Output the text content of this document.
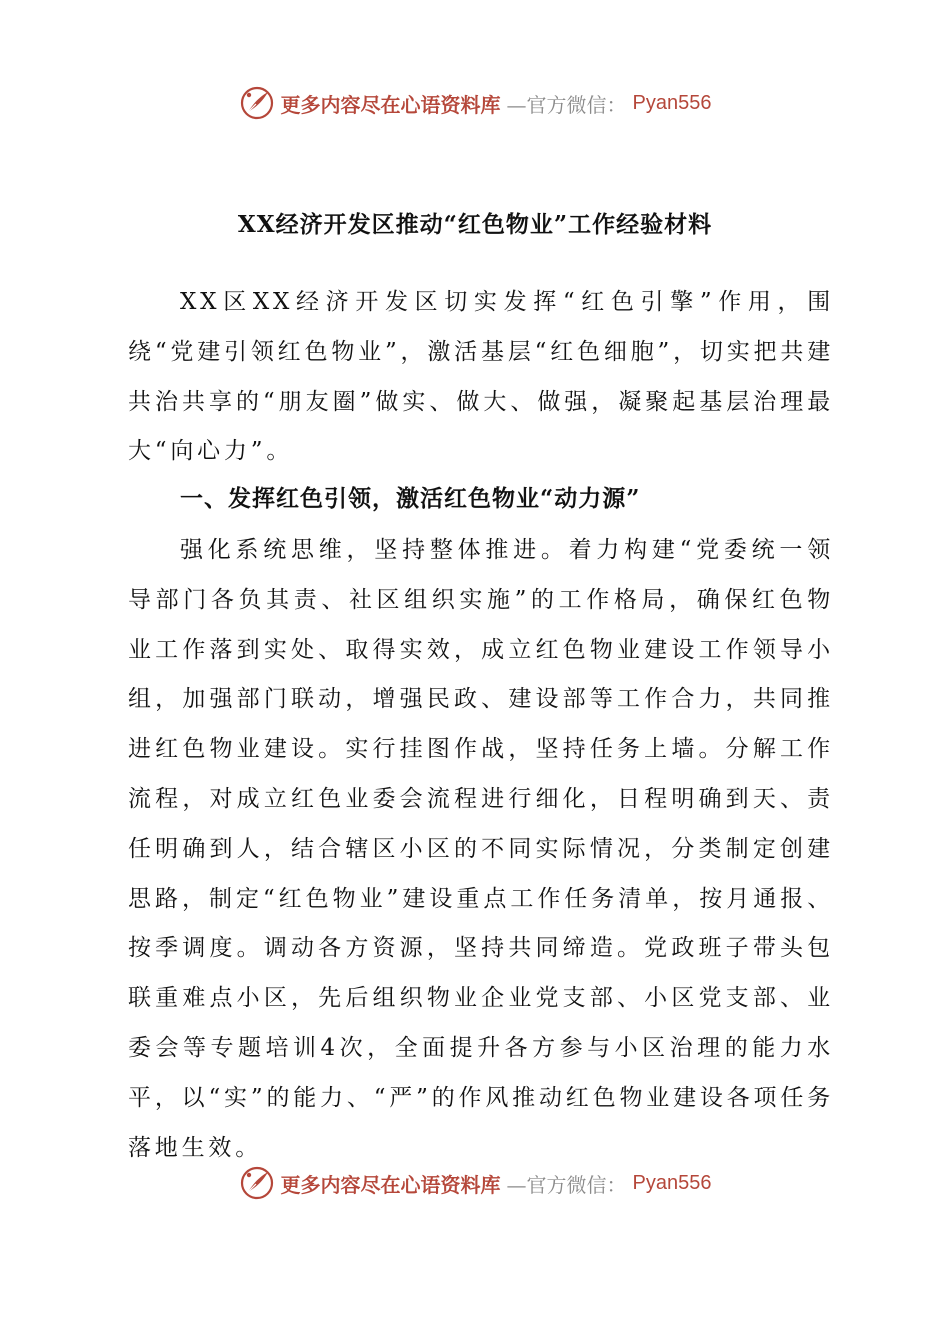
更多内容尽在心语资料库 —官方微信： Pyan556
XX经济开发区推动“红色物业”工作经验材料

XX区XX经济开发区切实发挥“红色引擎”作用，围绕“党建引领红色物业”，激活基层“红色细胞”，切实把共建共治共享的“朋友圈”做实、做大、做强，凝聚起基层治理最大“向心力”。

一、发挥红色引领，激活红色物业“动力源”

强化系统思维，坚持整体推进。着力构建“党委统一领导部门各负其责、社区组织实施”的工作格局，确保红色物业工作落到实处、取得实效，成立红色物业建设工作领导小组，加强部门联动，增强民政、建设部等工作合力，共同推进红色物业建设。实行挂图作战，坚持任务上墙。分解工作流程，对成立红色业委会流程进行细化，日程明确到天、责任明确到人，结合辖区小区的不同实际情况，分类制定创建思路，制定“红色物业”建设重点工作任务清单，按月通报、按季调度。调动各方资源，坚持共同缔造。党政班子带头包联重难点小区，先后组织物业企业党支部、小区党支部、业委会等专题培训4次，全面提升各方参与小区治理的能力水平，以“实”的能力、“严”的作风推动红色物业建设各项任务落地生效。

更多内容尽在心语资料库 —官方微信： Pyan556
